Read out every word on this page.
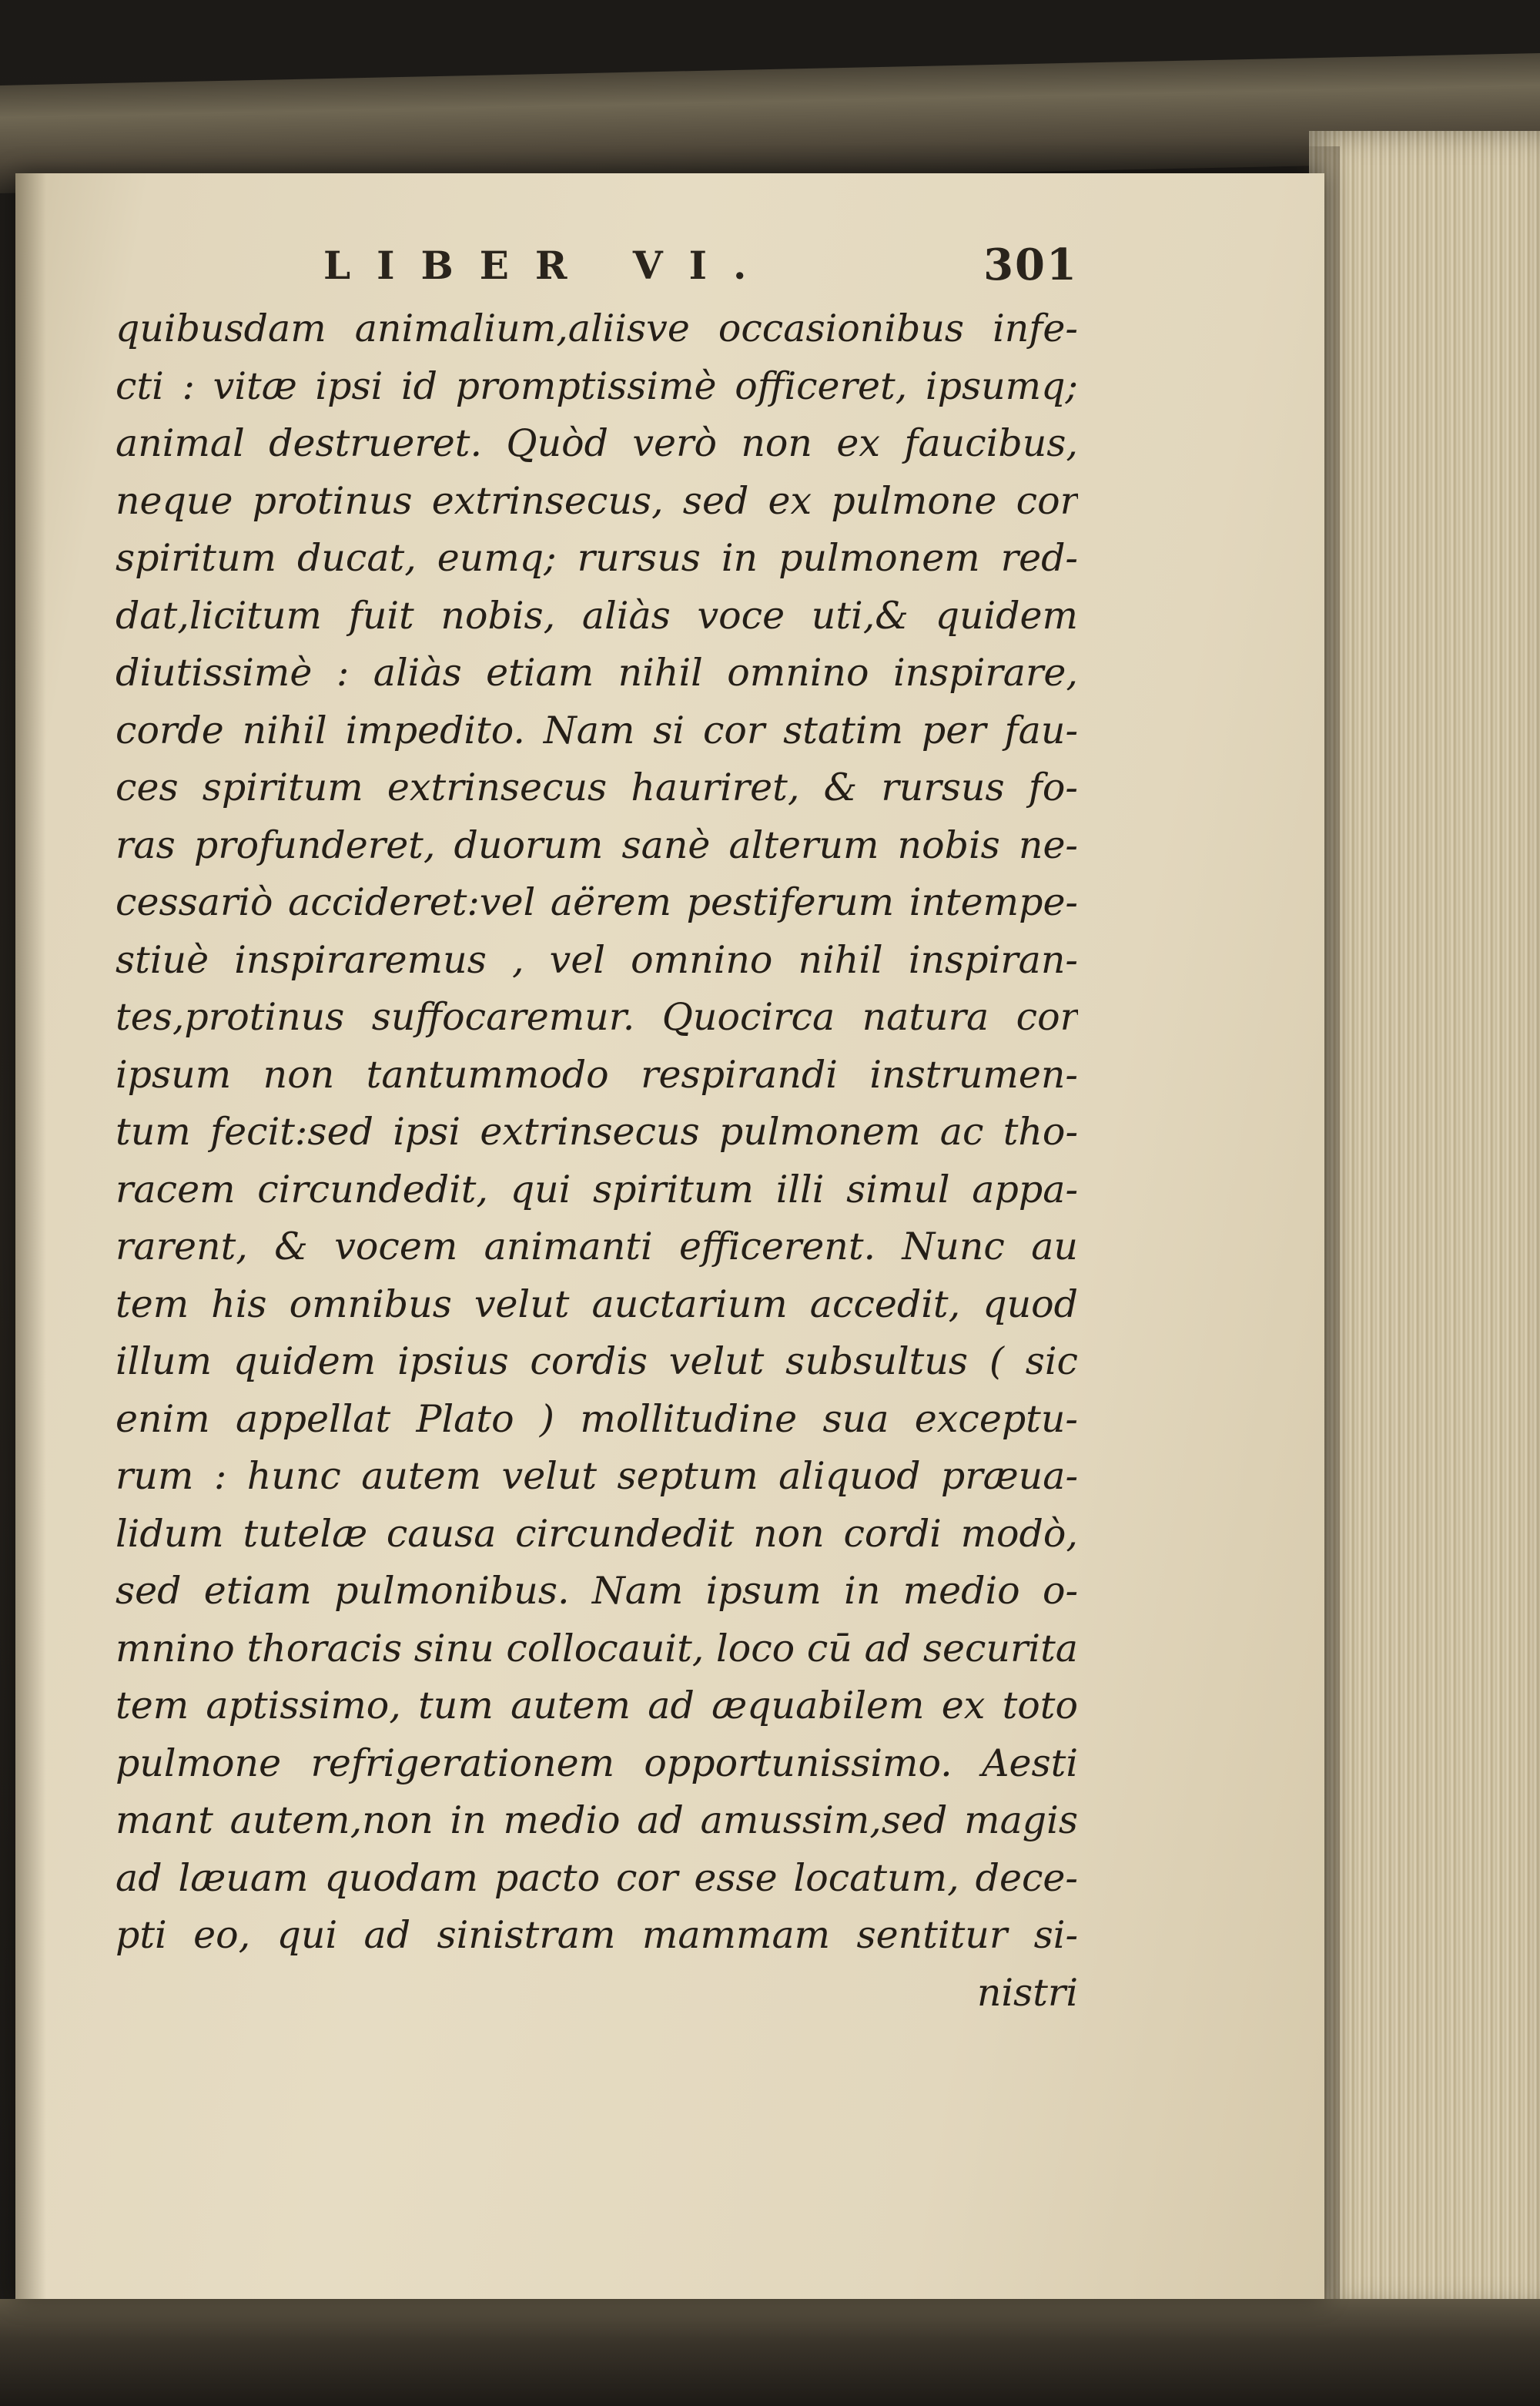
LIBER VI.	301
quibusdam animalium,aliisve occasionibus infe-
cti : vitæ ipsi id promptissimè officeret, ipsumq;
animal destrueret. Quòd verò non ex faucibus,
neque protinus extrinsecus, sed ex pulmone cor
spiritum ducat, eumq; rursus in pulmonem red-
dat,licitum fuit nobis, aliàs voce uti,& quidem
diutissimè : aliàs etiam nihil omnino inspirare,
corde nihil impedito. Nam si cor statim per fau-
ces spiritum extrinsecus hauriret, & rursus fo-
ras profunderet, duorum sanè alterum nobis ne-
cessariò accideret:vel aërem pestiferum intempe-
stiuè inspiraremus , vel omnino nihil inspiran-
tes,protinus suffocaremur. Quocirca natura cor
ipsum non tantummodo respirandi instrumen-
tum fecit:sed ipsi extrinsecus pulmonem ac tho-
racem circundedit, qui spiritum illi simul appa-
rarent, & vocem animanti efficerent. Nunc au
tem his omnibus velut auctarium accedit, quod
illum quidem ipsius cordis velut subsultus ( sic
enim appellat Plato ) mollitudine sua exceptu-
rum : hunc autem velut septum aliquod præua-
lidum tutelæ causa circundedit non cordi modò,
sed etiam pulmonibus. Nam ipsum in medio o-
mnino thoracis sinu collocauit, loco cū ad securita
tem aptissimo, tum autem ad æquabilem ex toto
pulmone refrigerationem opportunissimo. Aesti
mant autem,non in medio ad amussim,sed magis
ad læuam quodam pacto cor esse locatum, dece-
pti eo, qui ad sinistram mammam sentitur si-
nistri
